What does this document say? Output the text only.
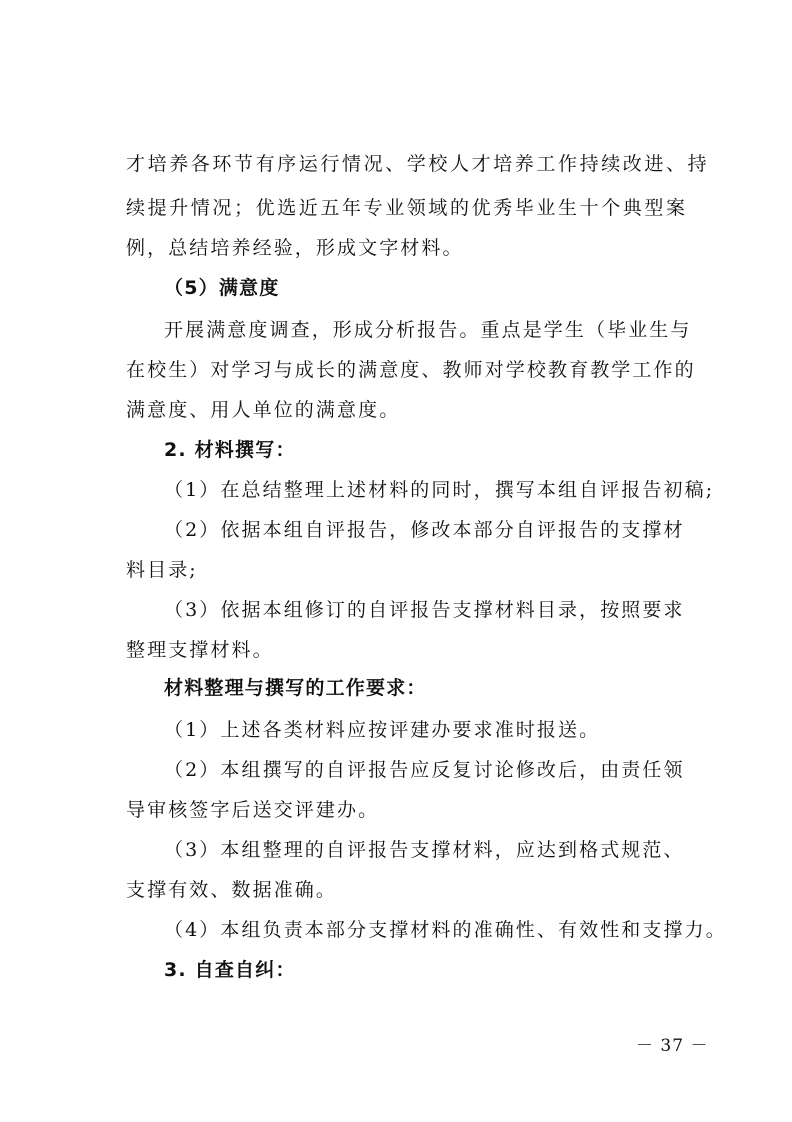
才培养各环节有序运行情况、学校人才培养工作持续改进、持
续提升情况；优选近五年专业领域的优秀毕业生十个典型案
例，总结培养经验，形成文字材料。
（5）满意度
开展满意度调查，形成分析报告。重点是学生（毕业生与
在校生）对学习与成长的满意度、教师对学校教育教学工作的
满意度、用人单位的满意度。
2. 材料撰写：
（1）在总结整理上述材料的同时，撰写本组自评报告初稿;
（2）依据本组自评报告，修改本部分自评报告的支撑材
料目录;
（3）依据本组修订的自评报告支撑材料目录，按照要求
整理支撑材料。
材料整理与撰写的工作要求：
（1）上述各类材料应按评建办要求准时报送。
（2）本组撰写的自评报告应反复讨论修改后，由责任领
导审核签字后送交评建办。
（3）本组整理的自评报告支撑材料，应达到格式规范、
支撑有效、数据准确。
（4）本组负责本部分支撑材料的准确性、有效性和支撑力。
3. 自查自纠：
－ 37 －
